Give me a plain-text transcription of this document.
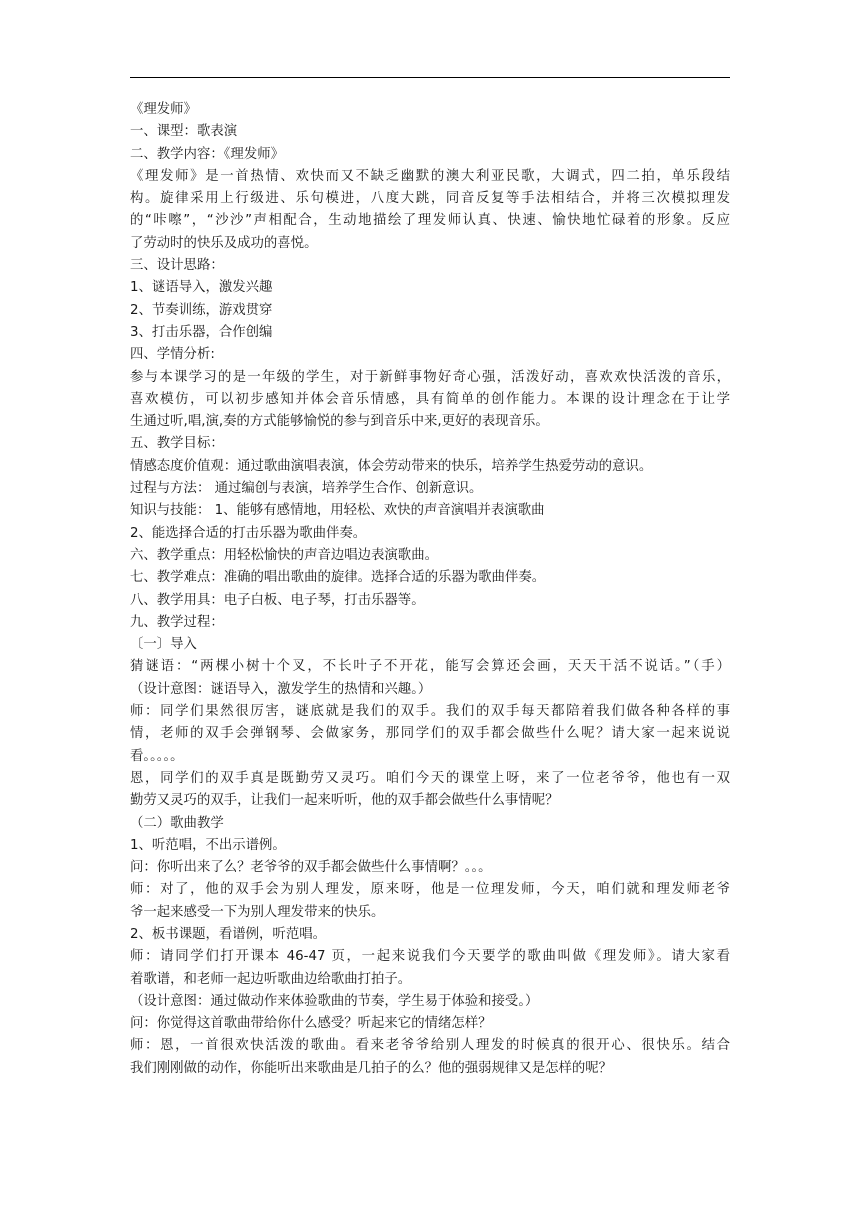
《理发师》
一、课型：歌表演
二、教学内容：《理发师》
《理发师》是一首热情、欢快而又不缺乏幽默的澳大利亚民歌，大调式，四二拍，单乐段结
构。旋律采用上行级进、乐句模进，八度大跳，同音反复等手法相结合，并将三次模拟理发
的“咔嚓”，“沙沙”声相配合，生动地描绘了理发师认真、快速、愉快地忙碌着的形象。反应
了劳动时的快乐及成功的喜悦。
三、设计思路：
1、谜语导入，激发兴趣
2、节奏训练，游戏贯穿
3、打击乐器，合作创编
四、学情分析:
参与本课学习的是一年级的学生，对于新鲜事物好奇心强，活泼好动，喜欢欢快活泼的音乐，
喜欢模仿，可以初步感知并体会音乐情感，具有简单的创作能力。本课的设计理念在于让学
生通过听,唱,演,奏的方式能够愉悦的参与到音乐中来,更好的表现音乐。
五、教学目标：
情感态度价值观：通过歌曲演唱表演，体会劳动带来的快乐，培养学生热爱劳动的意识。
过程与方法： 通过编创与表演，培养学生合作、创新意识。
知识与技能： 1、能够有感情地，用轻松、欢快的声音演唱并表演歌曲
2、能选择合适的打击乐器为歌曲伴奏。
六、教学重点：用轻松愉快的声音边唱边表演歌曲。
七、教学难点：准确的唱出歌曲的旋律。选择合适的乐器为歌曲伴奏。
八、教学用具：电子白板、电子琴，打击乐器等。
九、教学过程：
〔一〕导入
猜谜语：“两棵小树十个叉，不长叶子不开花，能写会算还会画，天天干活不说话。”（手）
（设计意图：谜语导入，激发学生的热情和兴趣。）
师：同学们果然很厉害，谜底就是我们的双手。我们的双手每天都陪着我们做各种各样的事
情，老师的双手会弹钢琴、会做家务，那同学们的双手都会做些什么呢？请大家一起来说说
看。。。。。
恩，同学们的双手真是既勤劳又灵巧。咱们今天的课堂上呀，来了一位老爷爷，他也有一双
勤劳又灵巧的双手，让我们一起来听听，他的双手都会做些什么事情呢？
（二）歌曲教学
1、听范唱，不出示谱例。
问：你听出来了么？老爷爷的双手都会做些什么事情啊？。。。
师：对了，他的双手会为别人理发，原来呀，他是一位理发师，今天，咱们就和理发师老爷
爷一起来感受一下为别人理发带来的快乐。
2、板书课题，看谱例，听范唱。
师：请同学们打开课本 46-47 页，一起来说我们今天要学的歌曲叫做《理发师》。请大家看
着歌谱，和老师一起边听歌曲边给歌曲打拍子。
（设计意图：通过做动作来体验歌曲的节奏，学生易于体验和接受。）
问：你觉得这首歌曲带给你什么感受？听起来它的情绪怎样？
师：恩，一首很欢快活泼的歌曲。看来老爷爷给别人理发的时候真的很开心、很快乐。结合
我们刚刚做的动作，你能听出来歌曲是几拍子的么？他的强弱规律又是怎样的呢？
